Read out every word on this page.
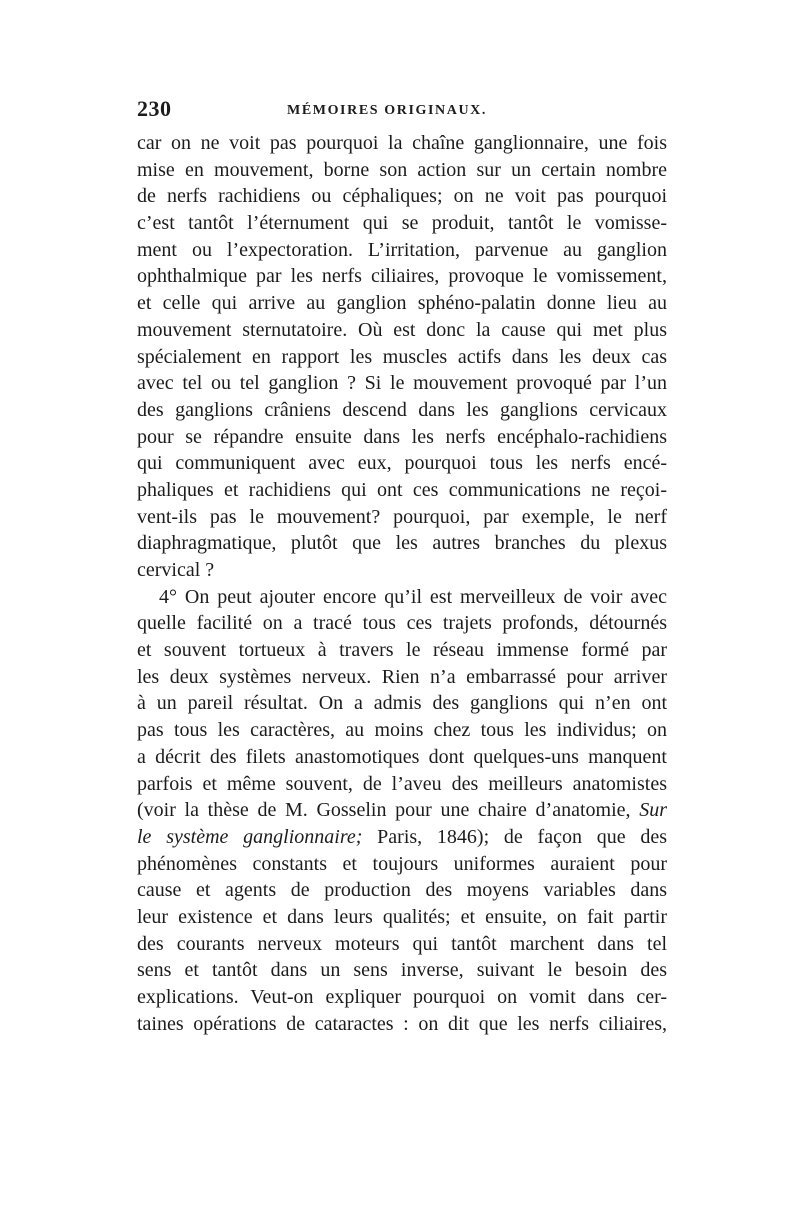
230	MÉMOIRES ORIGINAUX.
car on ne voit pas pourquoi la chaîne ganglionnaire, une fois
mise en mouvement, borne son action sur un certain nombre
de nerfs rachidiens ou céphaliques; on ne voit pas pourquoi
c’est tantôt l’éternument qui se produit, tantôt le vomisse-
ment ou l’expectoration. L’irritation, parvenue au ganglion
ophthalmique par les nerfs ciliaires, provoque le vomissement,
et celle qui arrive au ganglion sphéno-palatin donne lieu au
mouvement sternutatoire. Où est donc la cause qui met plus
spécialement en rapport les muscles actifs dans les deux cas
avec tel ou tel ganglion ? Si le mouvement provoqué par l’un
des ganglions crâniens descend dans les ganglions cervicaux
pour se répandre ensuite dans les nerfs encéphalo-rachidiens
qui communiquent avec eux, pourquoi tous les nerfs encé-
phaliques et rachidiens qui ont ces communications ne reçoi-
vent-ils pas le mouvement? pourquoi, par exemple, le nerf
diaphragmatique, plutôt que les autres branches du plexus
cervical ?
4° On peut ajouter encore qu’il est merveilleux de voir avec
quelle facilité on a tracé tous ces trajets profonds, détournés
et souvent tortueux à travers le réseau immense formé par
les deux systèmes nerveux. Rien n’a embarrassé pour arriver
à un pareil résultat. On a admis des ganglions qui n’en ont
pas tous les caractères, au moins chez tous les individus; on
a décrit des filets anastomotiques dont quelques-uns manquent
parfois et même souvent, de l’aveu des meilleurs anatomistes
(voir la thèse de M. Gosselin pour une chaire d’anatomie, Sur
le système ganglionnaire; Paris, 1846); de façon que des
phénomènes constants et toujours uniformes auraient pour
cause et agents de production des moyens variables dans
leur existence et dans leurs qualités; et ensuite, on fait partir
des courants nerveux moteurs qui tantôt marchent dans tel
sens et tantôt dans un sens inverse, suivant le besoin des
explications. Veut-on expliquer pourquoi on vomit dans cer-
taines opérations de cataractes : on dit que les nerfs ciliaires,
